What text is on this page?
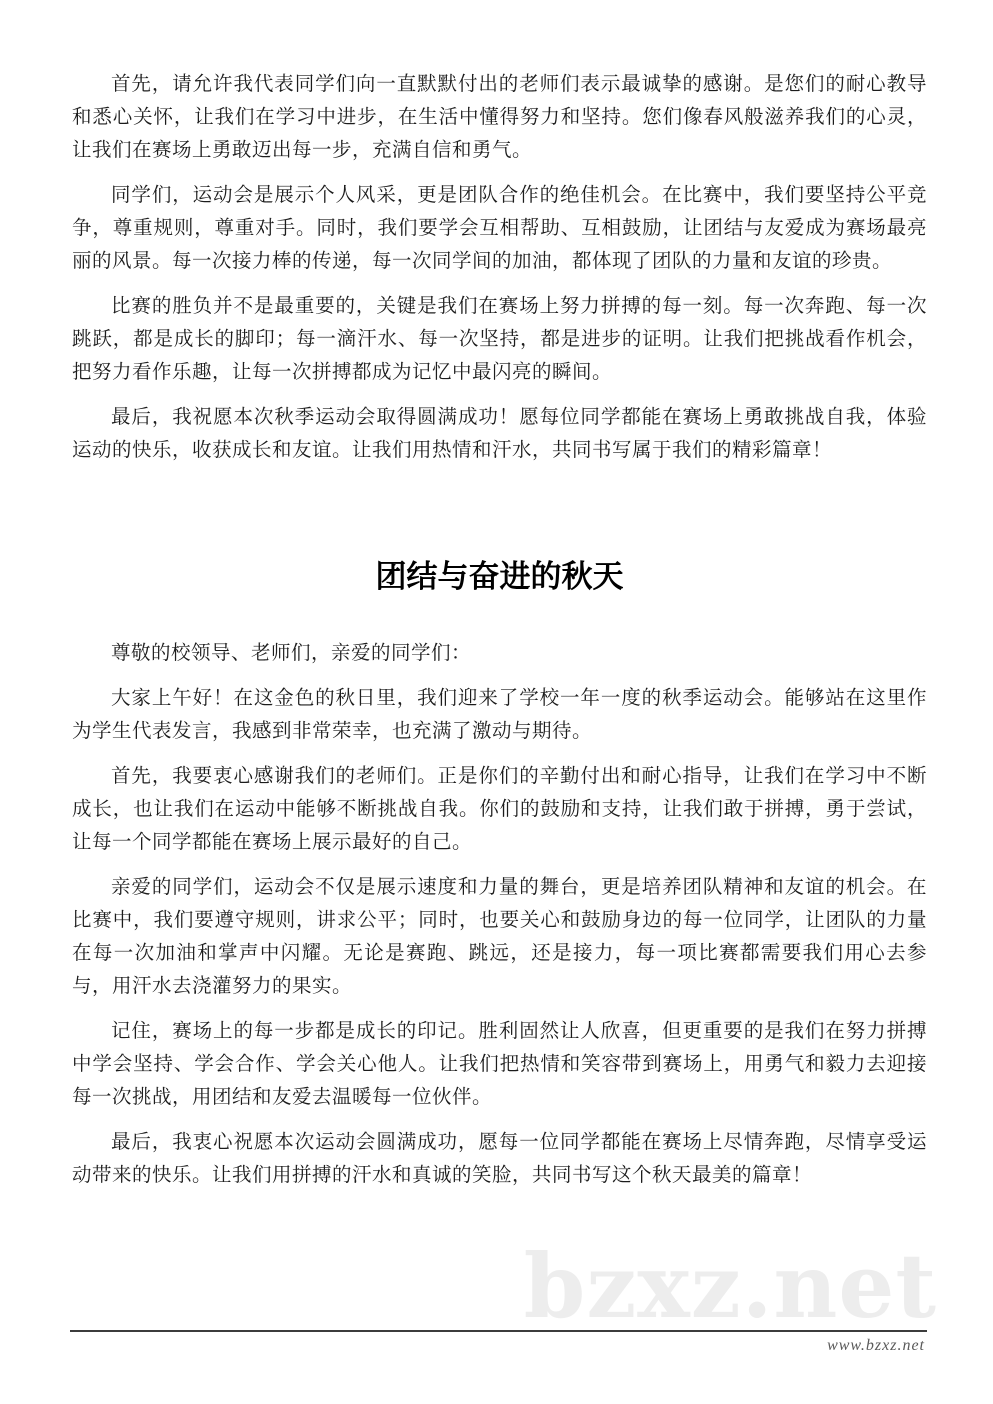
bzxz.net

首先，请允许我代表同学们向一直默默付出的老师们表示最诚挚的感谢。是您们的耐心教导和悉心关怀，让我们在学习中进步，在生活中懂得努力和坚持。您们像春风般滋养我们的心灵，让我们在赛场上勇敢迈出每一步，充满自信和勇气。

同学们，运动会是展示个人风采，更是团队合作的绝佳机会。在比赛中，我们要坚持公平竞争，尊重规则，尊重对手。同时，我们要学会互相帮助、互相鼓励，让团结与友爱成为赛场最亮丽的风景。每一次接力棒的传递，每一次同学间的加油，都体现了团队的力量和友谊的珍贵。

比赛的胜负并不是最重要的，关键是我们在赛场上努力拼搏的每一刻。每一次奔跑、每一次跳跃，都是成长的脚印；每一滴汗水、每一次坚持，都是进步的证明。让我们把挑战看作机会，把努力看作乐趣，让每一次拼搏都成为记忆中最闪亮的瞬间。

最后，我祝愿本次秋季运动会取得圆满成功！愿每位同学都能在赛场上勇敢挑战自我，体验运动的快乐，收获成长和友谊。让我们用热情和汗水，共同书写属于我们的精彩篇章！

团结与奋进的秋天

尊敬的校领导、老师们，亲爱的同学们：

大家上午好！在这金色的秋日里，我们迎来了学校一年一度的秋季运动会。能够站在这里作为学生代表发言，我感到非常荣幸，也充满了激动与期待。

首先，我要衷心感谢我们的老师们。正是你们的辛勤付出和耐心指导，让我们在学习中不断成长，也让我们在运动中能够不断挑战自我。你们的鼓励和支持，让我们敢于拼搏，勇于尝试，让每一个同学都能在赛场上展示最好的自己。

亲爱的同学们，运动会不仅是展示速度和力量的舞台，更是培养团队精神和友谊的机会。在比赛中，我们要遵守规则，讲求公平；同时，也要关心和鼓励身边的每一位同学，让团队的力量在每一次加油和掌声中闪耀。无论是赛跑、跳远，还是接力，每一项比赛都需要我们用心去参与，用汗水去浇灌努力的果实。

记住，赛场上的每一步都是成长的印记。胜利固然让人欣喜，但更重要的是我们在努力拼搏中学会坚持、学会合作、学会关心他人。让我们把热情和笑容带到赛场上，用勇气和毅力去迎接每一次挑战，用团结和友爱去温暖每一位伙伴。

最后，我衷心祝愿本次运动会圆满成功，愿每一位同学都能在赛场上尽情奔跑，尽情享受运动带来的快乐。让我们用拼搏的汗水和真诚的笑脸，共同书写这个秋天最美的篇章！

www.bzxz.net
